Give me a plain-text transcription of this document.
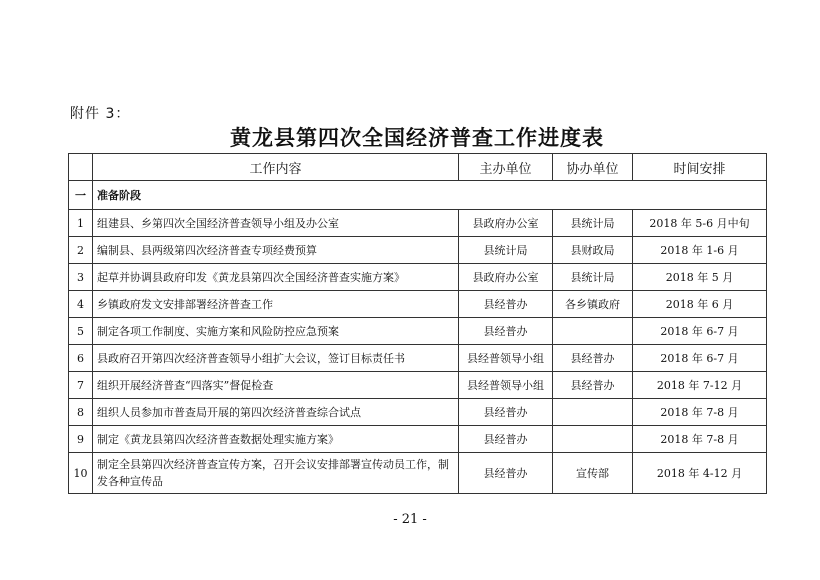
附件 3：
黄龙县第四次全国经济普查工作进度表
	工作内容	主办单位	协办单位	时间安排
一	准备阶段			
1	组建县、乡第四次全国经济普查领导小组及办公室	县政府办公室	县统计局	2018 年 5-6 月中旬
2	编制县、县两级第四次经济普查专项经费预算	县统计局	县财政局	2018 年 1-6 月
3	起草并协调县政府印发《黄龙县第四次全国经济普查实施方案》	县政府办公室	县统计局	2018 年 5 月
4	乡镇政府发文安排部署经济普查工作	县经普办	各乡镇政府	2018 年 6 月
5	制定各项工作制度、实施方案和风险防控应急预案	县经普办		2018 年 6-7 月
6	县政府召开第四次经济普查领导小组扩大会议，签订目标责任书	县经普领导小组	县经普办	2018 年 6-7 月
7	组织开展经济普查“四落实”督促检查	县经普领导小组	县经普办	2018 年 7-12 月
8	组织人员参加市普查局开展的第四次经济普查综合试点	县经普办		2018 年 7-8 月
9	制定《黄龙县第四次经济普查数据处理实施方案》	县经普办		2018 年 7-8 月
10	制定全县第四次经济普查宣传方案，召开会议安排部署宣传动员工作，制发各种宣传品	县经普办	宣传部	2018 年 4-12 月
- 21 -
